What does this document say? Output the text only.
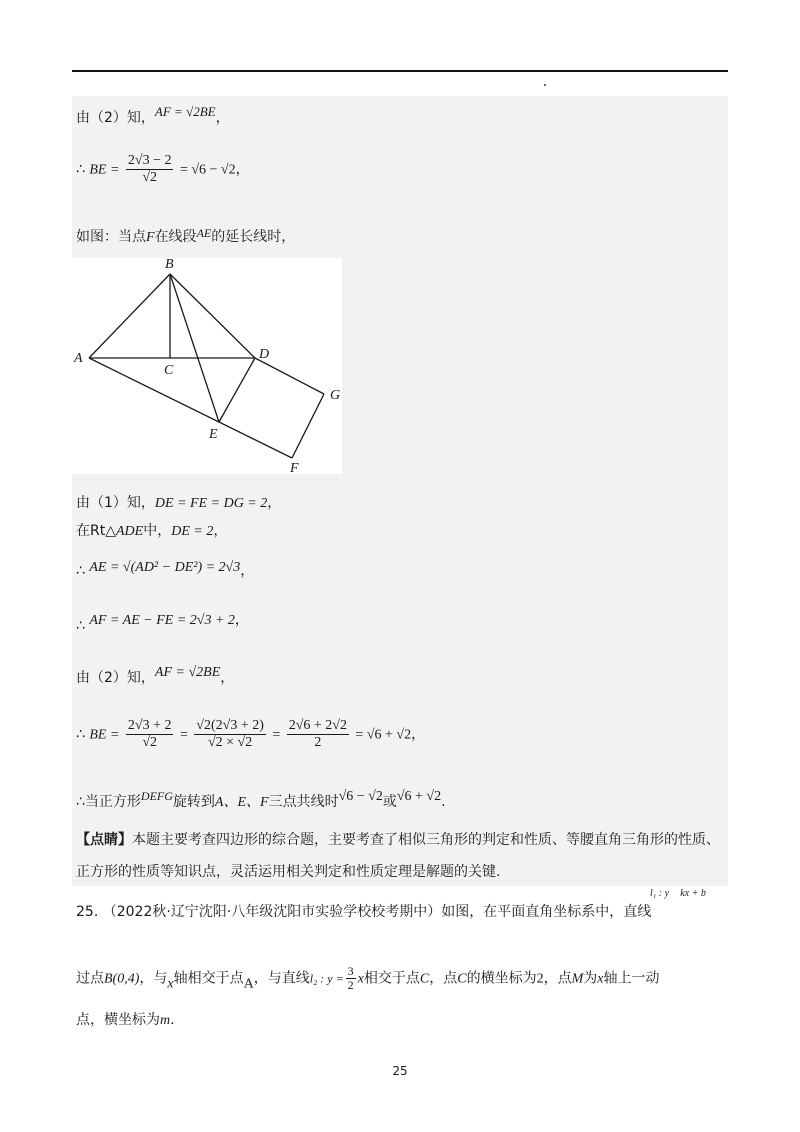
由（2）知，AF = √2BE，
∴ BE = $\frac{2√3 - 2}{√2} = √6 - √2$，
如图：当点F在线段AE的延长线时，
B
A
C
D
G
E
F
由（1）知，DE = FE = DG = 2，
在Rt△ADE中，DE = 2，
∴ AE = √(AD² − DE²) = 2√3，
∴ AF = AE − FE = 2√3 + 2，
由（2）知，AF = √2BE，
∴ BE = $\frac{2√3 + 2}{√2} = \frac{√2(2√3 + 2)}{√2 \times √2} = \frac{2√6 + 2√2}{2} = √6 + √2$，
∴当正方形DEFG旋转到A、E、F三点共线时√6 − √2或√6 + √2.
【点睛】本题主要考查四边形的综合题，主要考查了相似三角形的判定和性质、等腰直角三角形的性质、
正方形的性质等知识点，灵活运用相关判定和性质定理是解题的关键.
25. （2022秋·辽宁沈阳·八年级沈阳市实验学校校考期中）如图，在平面直角坐标系中，直线
l₁ : y kx + b
过点B(0,4)，与x轴相交于点A，与直线l₂ : $y = \frac{3}{2}$ x相交于点C，点C的横坐标为2，点M为x轴上一动
点，横坐标为m.
25
